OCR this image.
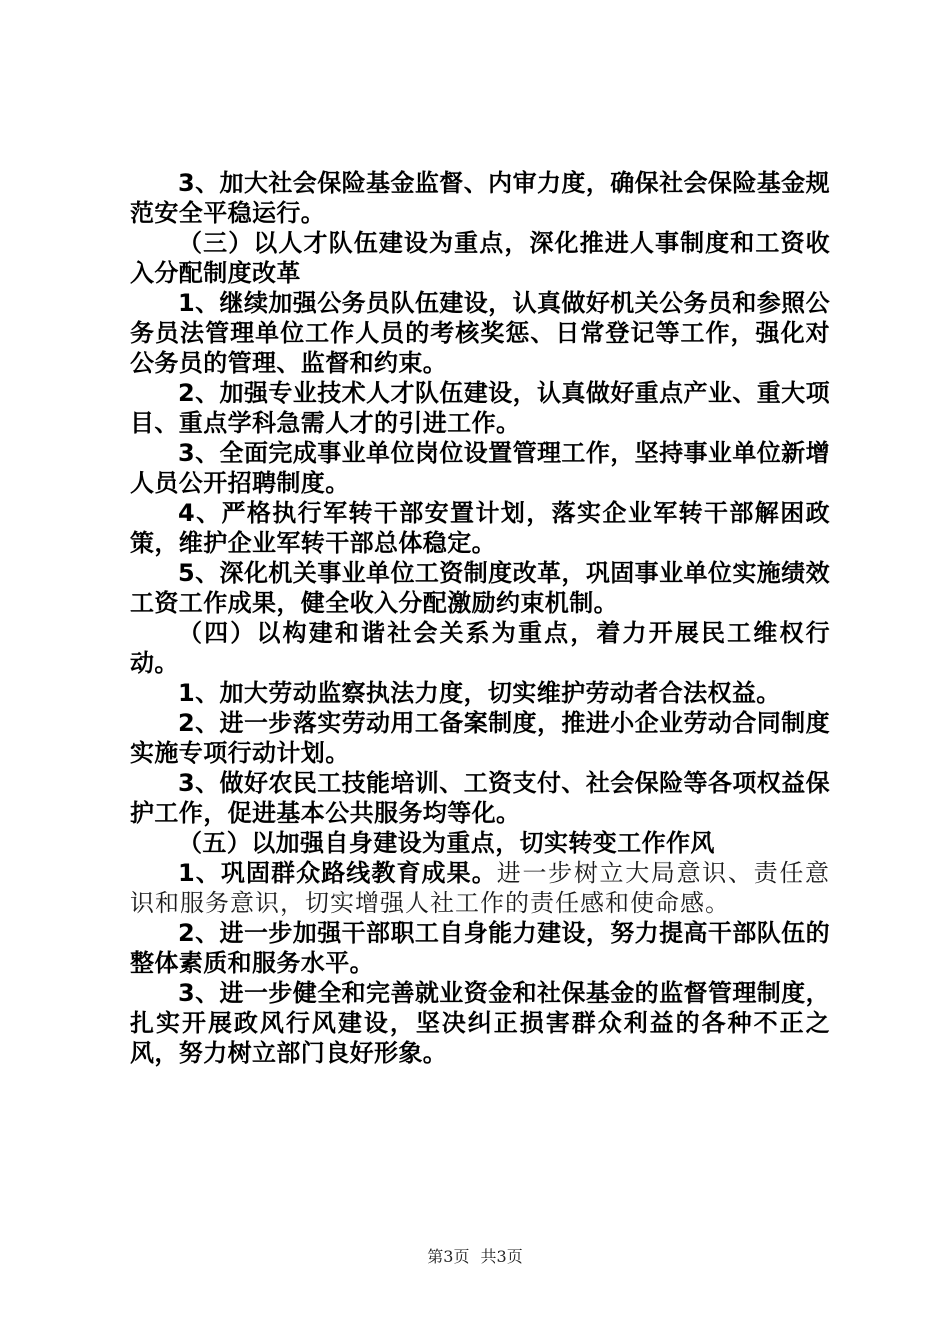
3、加大社会保险基金监督、内审力度，确保社会保险基金规范安全平稳运行。

（三）以人才队伍建设为重点，深化推进人事制度和工资收入分配制度改革

1、继续加强公务员队伍建设，认真做好机关公务员和参照公务员法管理单位工作人员的考核奖惩、日常登记等工作，强化对公务员的管理、监督和约束。

2、加强专业技术人才队伍建设，认真做好重点产业、重大项目、重点学科急需人才的引进工作。

3、全面完成事业单位岗位设置管理工作，坚持事业单位新增人员公开招聘制度。

4、严格执行军转干部安置计划，落实企业军转干部解困政策，维护企业军转干部总体稳定。

5、深化机关事业单位工资制度改革，巩固事业单位实施绩效工资工作成果，健全收入分配激励约束机制。

（四）以构建和谐社会关系为重点，着力开展民工维权行动。

1、加大劳动监察执法力度，切实维护劳动者合法权益。

2、进一步落实劳动用工备案制度，推进小企业劳动合同制度实施专项行动计划。

3、做好农民工技能培训、工资支付、社会保险等各项权益保护工作，促进基本公共服务均等化。

（五）以加强自身建设为重点，切实转变工作作风

1、巩固群众路线教育成果。进一步树立大局意识、责任意识和服务意识，切实增强人社工作的责任感和使命感。

2、进一步加强干部职工自身能力建设，努力提高干部队伍的整体素质和服务水平。

3、进一步健全和完善就业资金和社保基金的监督管理制度，扎实开展政风行风建设，坚决纠正损害群众利益的各种不正之风，努力树立部门良好形象。

第3页 共3页
